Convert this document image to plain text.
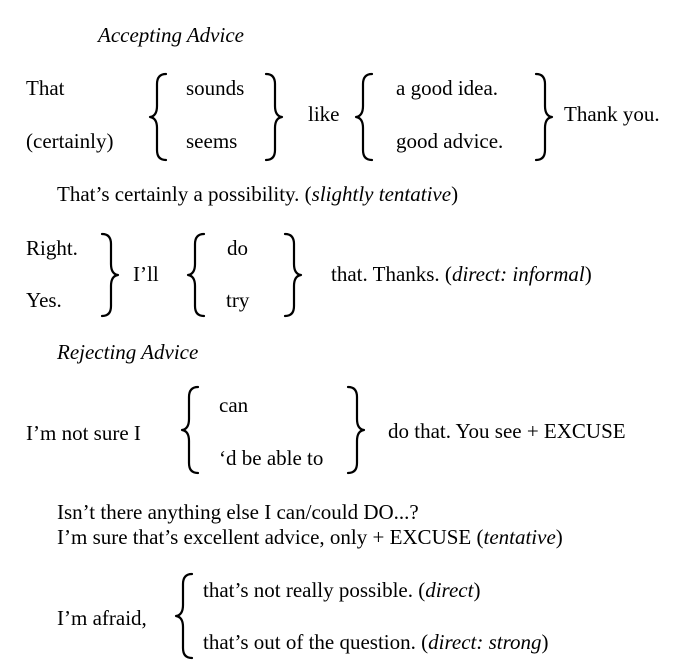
Accepting Advice
That
(certainly)
sounds
seems
like
a good idea.
good advice.
Thank you.
That’s certainly a possibility. (slightly tentative)
Right.
Yes.
I’ll
do
try
that. Thanks. (direct: informal)
Rejecting Advice
I’m not sure I
can
‘d be able to
do that. You see + EXCUSE
Isn’t there anything else I can/could DO...?
I’m sure that’s excellent advice, only + EXCUSE (tentative)
I’m afraid,
that’s not really possible. (direct)
that’s out of the question. (direct: strong)
